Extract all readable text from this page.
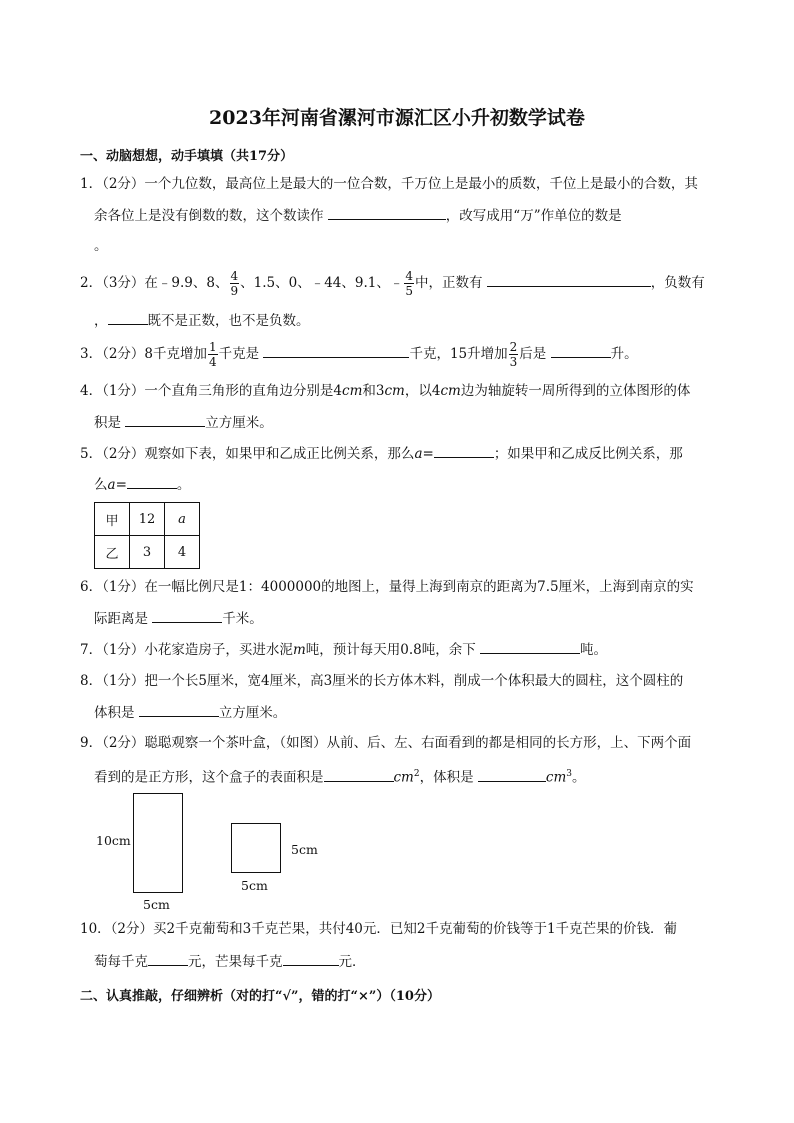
2023年河南省漯河市源汇区小升初数学试卷
一、动脑想想，动手填填（共17分）
1．（2分）一个九位数，最高位上是最大的一位合数，千万位上是最小的质数，千位上是最小的合数，其
余各位上是没有倒数的数，这个数读作	，改写成用“万”作单位的数是
。
2．（3分）在﹣9.9、8、 $\frac{4}{9}$ 、1.5、0、﹣44、9.1、﹣ $\frac{4}{5}$ 中，正数有	，负数有
，	既不是正数，也不是负数。
3．（2分）8千克增加 $\frac{1}{4}$ 千克是	千克，15升增加 $\frac{2}{3}$ 后是	升。
4．（1分）一个直角三角形的直角边分别是4cm和3cm，以4cm边为轴旋转一周所得到的立体图形的体
积是	立方厘米。
5．（2分）观察如下表，如果甲和乙成正比例关系，那么a=	；如果甲和乙成反比例关系，那
么a=	。
甲	12	a
乙	3	4
6．（1分）在一幅比例尺是1：4000000的地图上，量得上海到南京的距离为7.5厘米，上海到南京的实
际距离是	千米。
7．（1分）小花家造房子，买进水泥m吨，预计每天用0.8吨，余下	吨。
8．（1分）把一个长5厘米，宽4厘米，高3厘米的长方体木料，削成一个体积最大的圆柱，这个圆柱的
体积是	立方厘米。
9．（2分）聪聪观察一个茶叶盒，（如图）从前、后、左、右面看到的都是相同的长方形，上、下两个面
看到的是正方形，这个盒子的表面积是	$cm^2$，体积是	$cm^3$。
10cm
5cm
5cm
5cm
10．（2分）买2千克葡萄和3千克芒果，共付40元．已知2千克葡萄的价钱等于1千克芒果的价钱．葡
萄每千克	元，芒果每千克	元．
二、认真推敲，仔细辨析（对的打“√”，错的打“×”）（10分）
